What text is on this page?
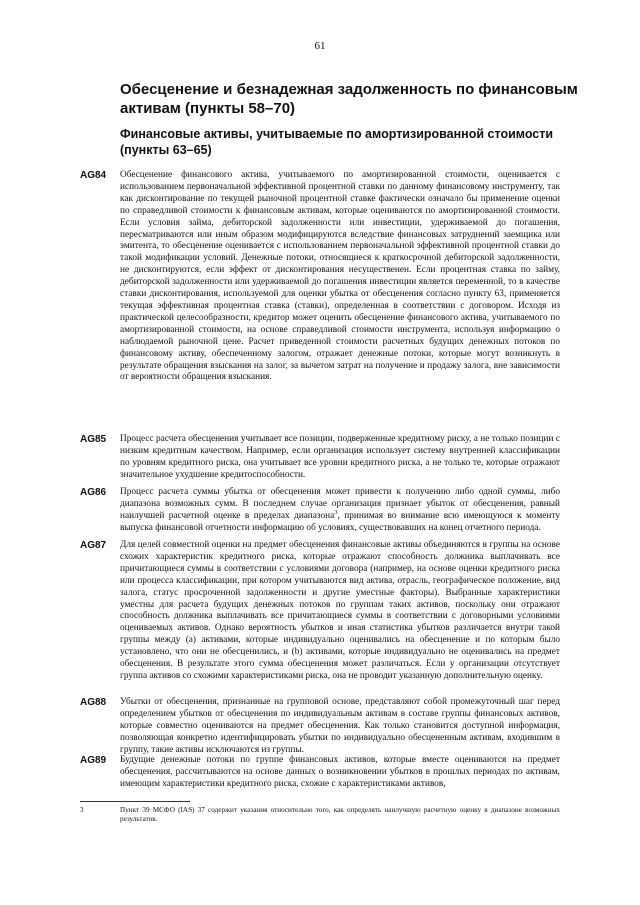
61
Обесценение и безнадежная задолженность по финансовым активам (пункты 58–70)
Финансовые активы, учитываемые по амортизированной стоимости (пункты 63–65)
AG84 Обесценение финансового актива, учитываемого по амортизированной стоимости, оценивается с использованием первоначальной эффективной процентной ставки по данному финансовому инструменту, так как дисконтирование по текущей рыночной процентной ставке фактически означало бы применение оценки по справедливой стоимости к финансовым активам, которые оцениваются по амортизированной стоимости. Если условия займа, дебиторской задолженности или инвестиции, удерживаемой до погашения, пересматриваются или иным образом модифицируются вследствие финансовых затруднений заемщика или эмитента, то обесценение оценивается с использованием первоначальной эффективной процентной ставки до такой модификации условий. Денежные потоки, относящиеся к краткосрочной дебиторской задолженности, не дисконтируются, если эффект от дисконтирования несущественен. Если процентная ставка по займу, дебиторской задолженности или удерживаемой до погашения инвестиции является переменной, то в качестве ставки дисконтирования, используемой для оценки убытка от обесценения согласно пункту 63, применяется текущая эффективная процентная ставка (ставки), определенная в соответствии с договором. Исходя из практической целесообразности, кредитор может оценить обесценение финансового актива, учитываемого по амортизированной стоимости, на основе справедливой стоимости инструмента, используя информацию о наблюдаемой рыночной цене. Расчет приведенной стоимости расчетных будущих денежных потоков по финансовому активу, обеспеченному залогом, отражает денежные потоки, которые могут возникнуть в результате обращения взыскания на залог, за вычетом затрат на получение и продажу залога, вне зависимости от вероятности обращения взыскания.
AG85 Процесс расчета обесценения учитывает все позиции, подверженные кредитному риску, а не только позиции с низким кредитным качеством. Например, если организация использует систему внутренней классификации по уровням кредитного риска, она учитывает все уровни кредитного риска, а не только те, которые отражают значительное ухудшение кредитоспособности.
AG86 Процесс расчета суммы убытка от обесценения может привести к получению либо одной суммы, либо диапазона возможных сумм. В последнем случае организация признает убыток от обесценения, равный наилучшей расчетной оценке в пределах диапазона$^3$, принимая во внимание всю имеющуюся к моменту выпуска финансовой отчетности информацию об условиях, существовавших на конец отчетного периода.
AG87 Для целей совместной оценки на предмет обесценения финансовые активы объединяются в группы на основе схожих характеристик кредитного риска, которые отражают способность должника выплачивать все причитающиеся суммы в соответствии с условиями договора (например, на основе оценки кредитного риска или процесса классификации, при котором учитываются вид актива, отрасль, географическое положение, вид залога, статус просроченной задолженности и другие уместные факторы). Выбранные характеристики уместны для расчета будущих денежных потоков по группам таких активов, поскольку они отражают способность должника выплачивать все причитающиеся суммы в соответствии с договорными условиями оцениваемых активов. Однако вероятность убытков и иная статистика убытков различается внутри такой группы между (а) активами, которые индивидуально оценивались на обесценение и по которым было установлено, что они не обесценились, и (b) активами, которые индивидуально не оценивались на предмет обесценения. В результате этого сумма обесценения может различаться. Если у организации отсутствует группа активов со схожими характеристиками риска, она не проводит указанную дополнительную оценку.
AG88 Убытки от обесценения, признанные на групповой основе, представляют собой промежуточный шаг перед определением убытков от обесценения по индивидуальным активам в составе группы финансовых активов, которые совместно оцениваются на предмет обесценения. Как только становится доступной информация, позволяющая конкретно идентифицировать убытки по индивидуально обесцененным активам, входившим в группу, такие активы исключаются из группы.
AG89 Будущие денежные потоки по группе финансовых активов, которые вместе оцениваются на предмет обесценения, рассчитываются на основе данных о возникновении убытков в прошлых периодах по активам, имеющим характеристики кредитного риска, схожие с характеристиками активов,
3	Пункт 39 МСФО (IAS) 37 содержит указания относительно того, как определять наилучшую расчетную оценку в диапазоне возможных результатов.
